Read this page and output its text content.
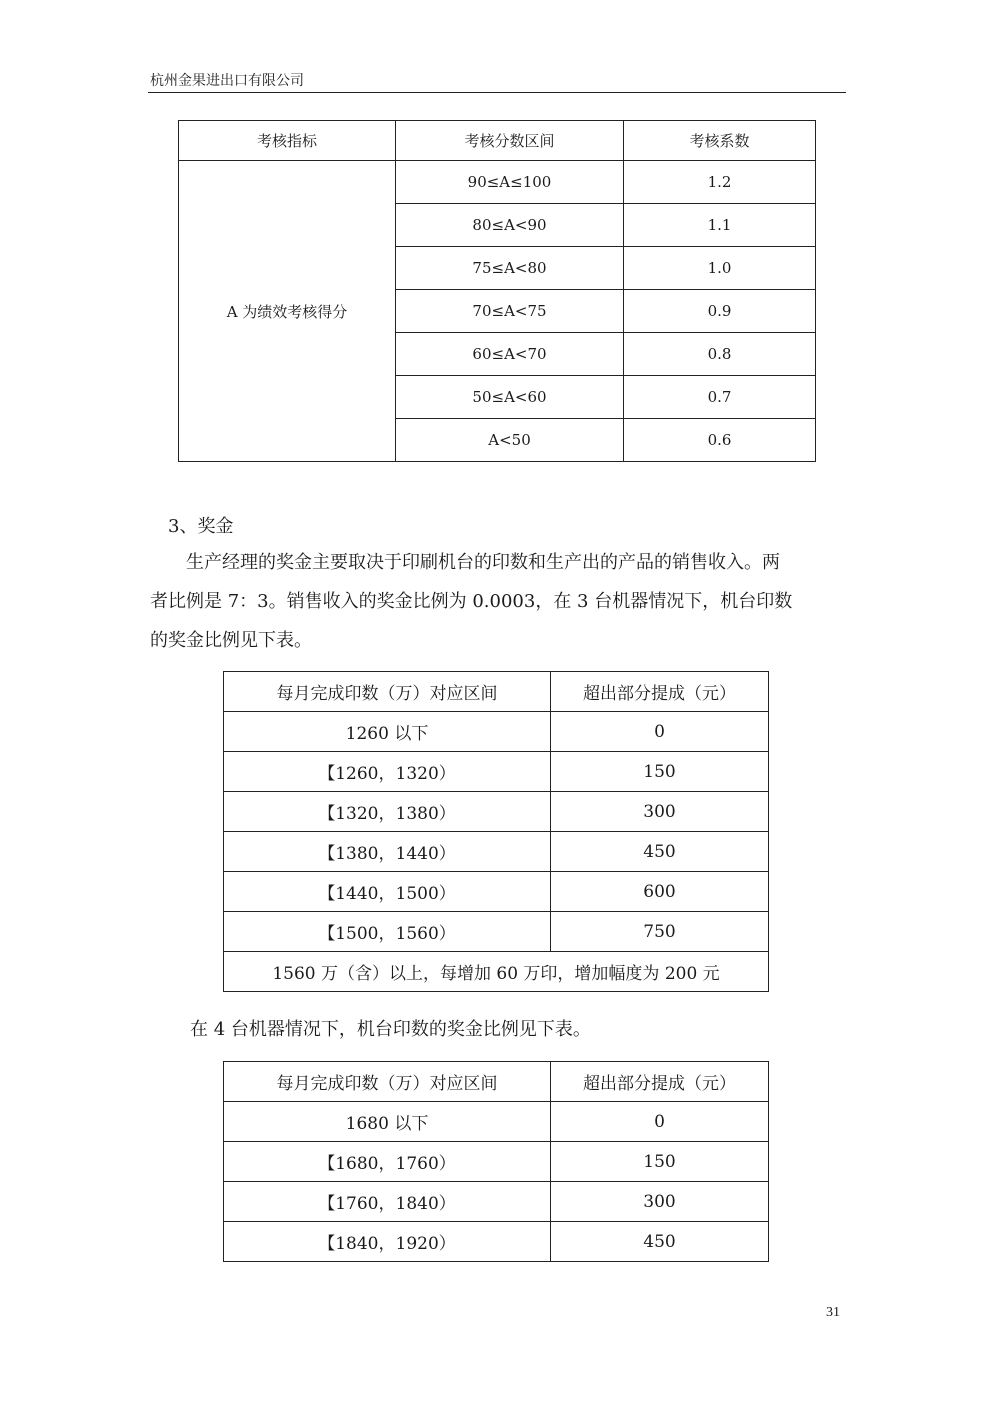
杭州金果进出口有限公司
考核指标	考核分数区间	考核系数
A 为绩效考核得分	90≤A≤100	1.2
	80≤A<90	1.1
	75≤A<80	1.0
	70≤A<75	0.9
	60≤A<70	0.8
	50≤A<60	0.7
	A<50	0.6

　3、奖金

　　生产经理的奖金主要取决于印刷机台的印数和生产出的产品的销售收入。两

者比例是 7：3。销售收入的奖金比例为 0.0003，在 3 台机器情况下，机台印数

的奖金比例见下表。

每月完成印数（万）对应区间	超出部分提成（元）
1260 以下	0
【1260，1320）	150
【1320，1380）	300
【1380，1440）	450
【1440，1500）	600
【1500，1560）	750
1560 万（含）以上，每增加 60 万印，增加幅度为 200 元	

在 4 台机器情况下，机台印数的奖金比例见下表。

每月完成印数（万）对应区间	超出部分提成（元）
1680 以下	0
【1680，1760）	150
【1760，1840）	300
【1840，1920）	450
31
